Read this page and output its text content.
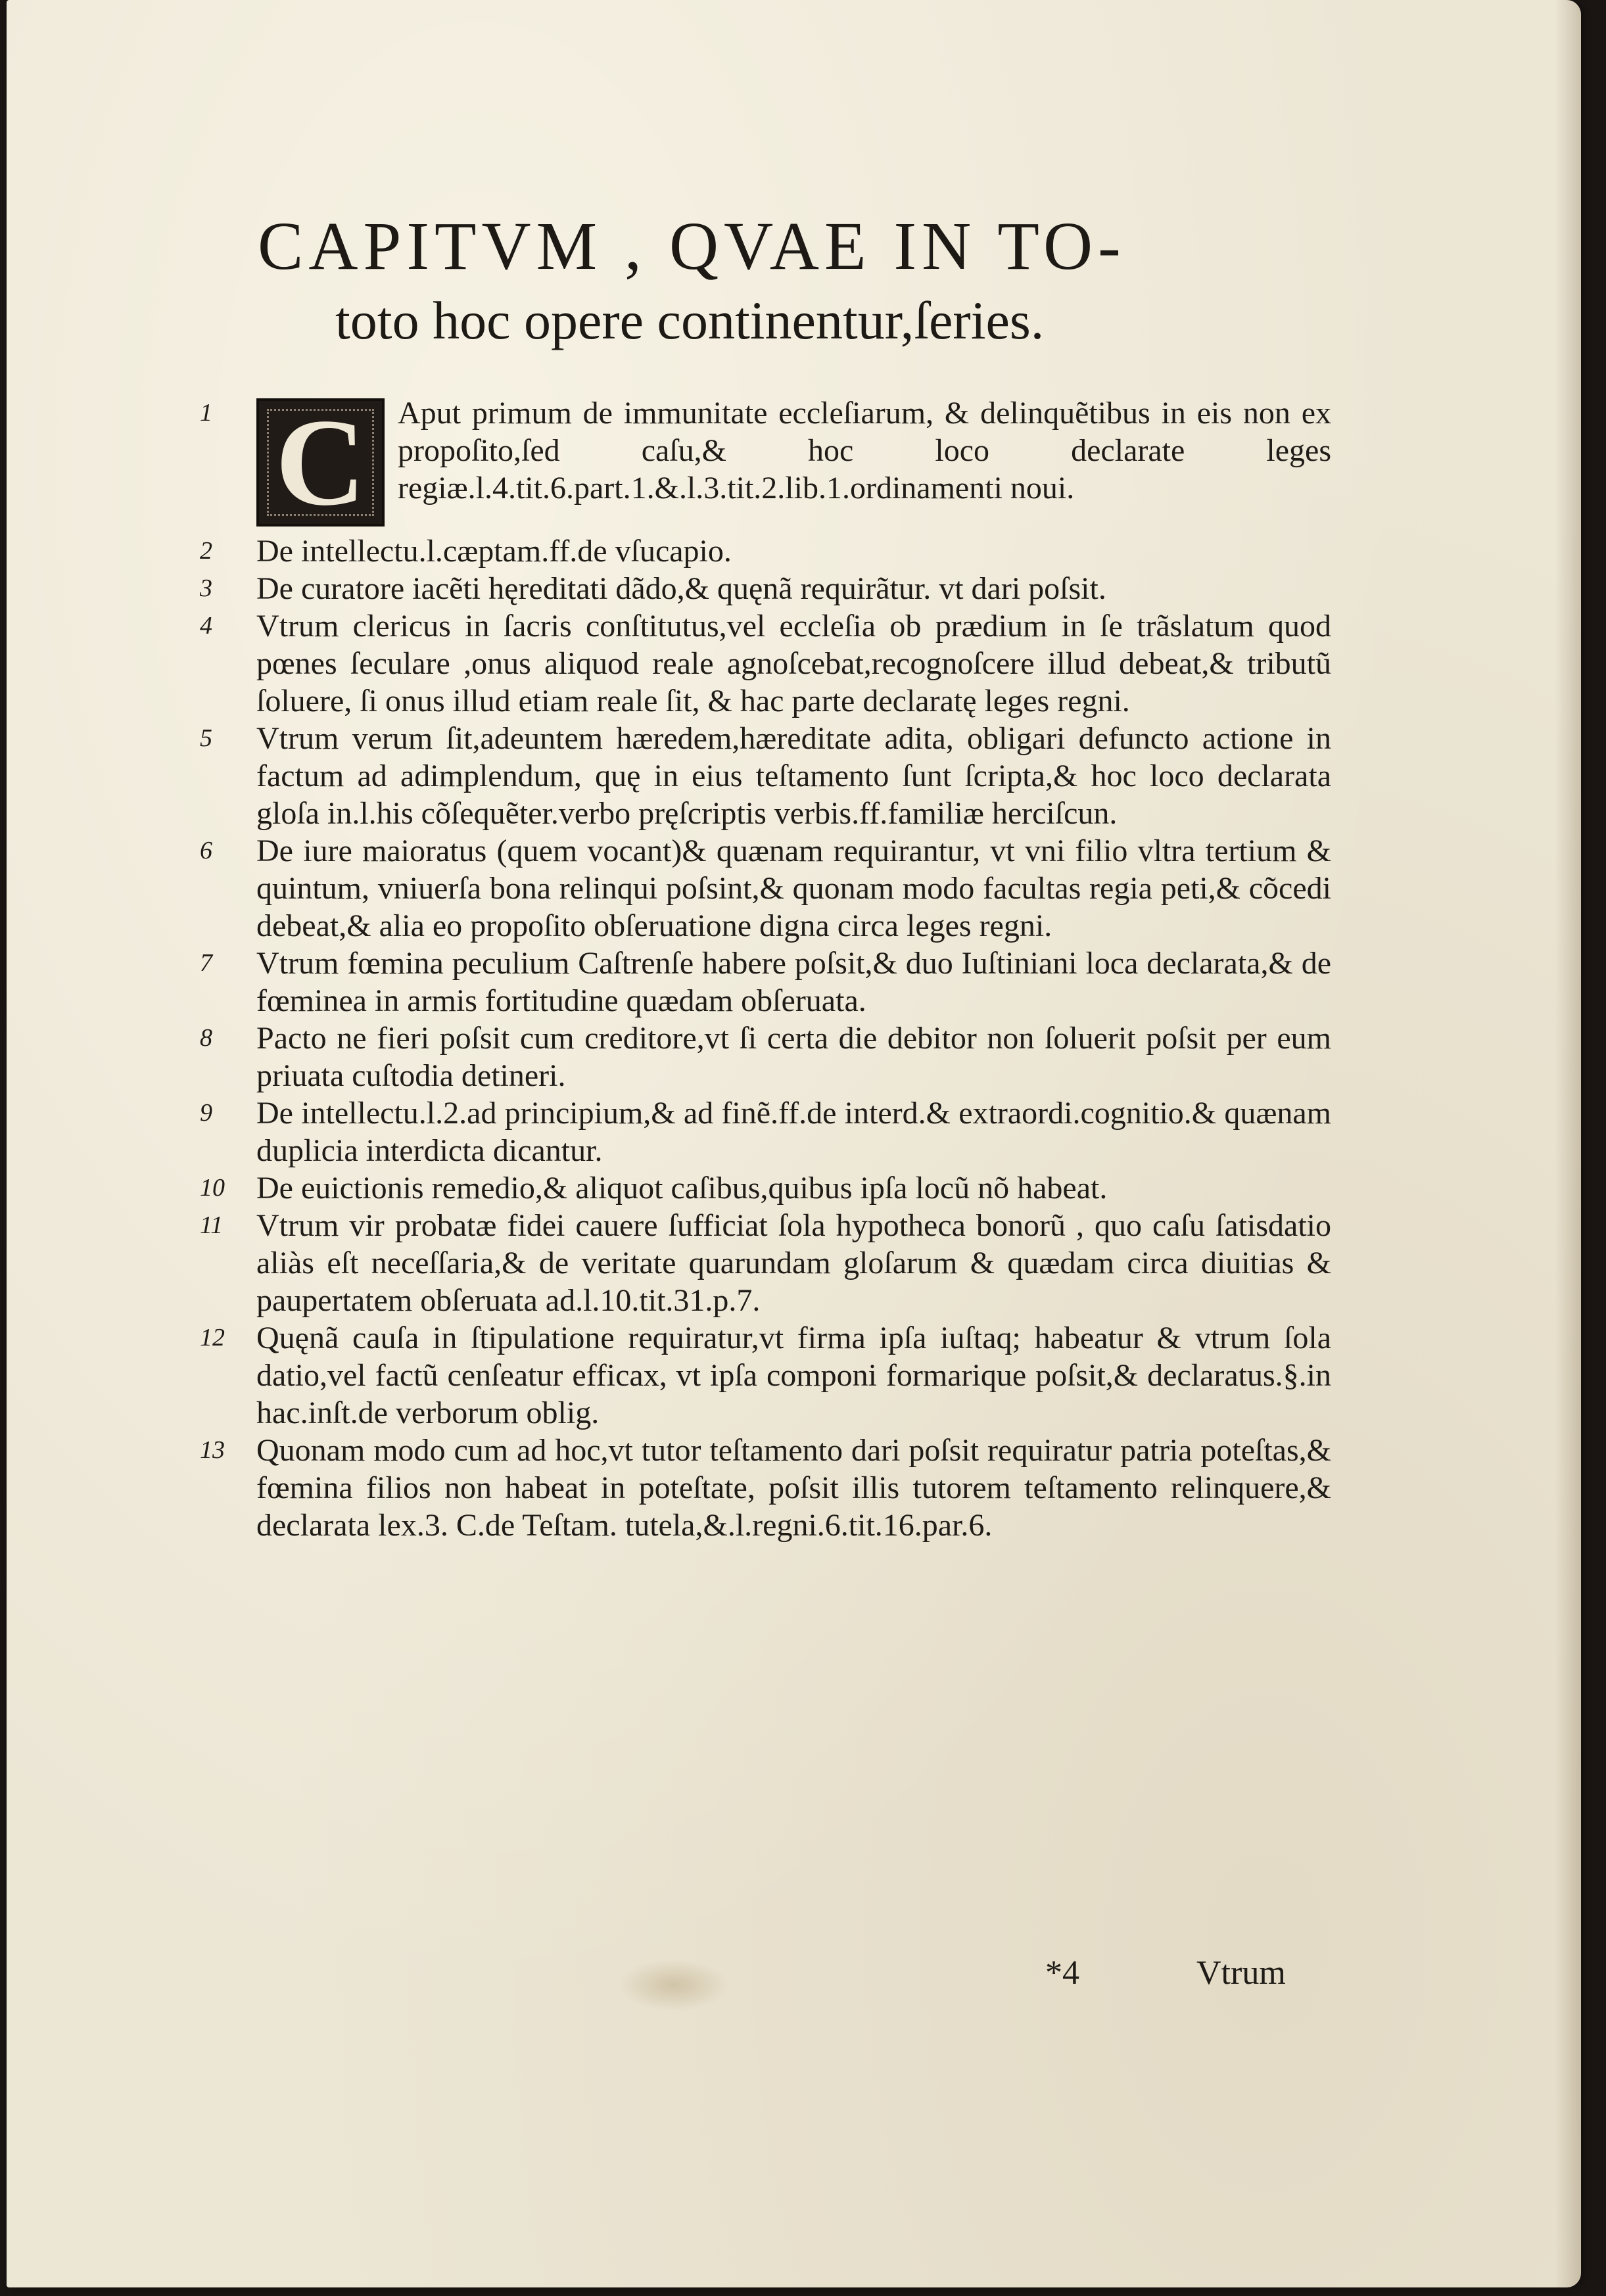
CAPITVM , QVAE IN TO-
toto hoc opere continentur,ſeries.
1 C	Aput primum de immunitate eccleſiarum, & delinquẽtibus in eis non ex propoſito,ſed caſu,& hoc loco declarate leges regiæ.l.4.tit.6.part.1.&.l.3.tit.2.lib.1.ordinamenti noui.
2 De intellectu.l.cæptam.ff.de vſucapio.
3 De curatore iacẽti hęreditati dãdo,& quęnã requirãtur. vt dari poſsit.
4 Vtrum clericus in ſacris conſtitutus,vel eccleſia ob prædium in ſe trãslatum quod pœnes ſeculare ,onus aliquod reale agnoſcebat,recognoſcere illud debeat,& tributũ ſoluere, ſi onus illud etiam reale ſit, & hac parte declaratę leges regni.
5 Vtrum verum ſit,adeuntem hæredem,hæreditate adita, obligari defuncto actione in factum ad adimplendum, quę in eius teſtamento ſunt ſcripta,& hoc loco declarata gloſa in.l.his cõſequẽter.verbo pręſcriptis verbis.ff.familiæ herciſcun.
6 De iure maioratus (quem vocant)& quænam requirantur, vt vni filio vltra tertium & quintum, vniuerſa bona relinqui poſsint,& quonam modo facultas regia peti,& cõcedi debeat,& alia eo propoſito obſeruatione digna circa leges regni.
7 Vtrum fœmina peculium Caſtrenſe habere poſsit,& duo Iuſtiniani loca declarata,& de fœminea in armis fortitudine quædam obſeruata.
8 Pacto ne fieri poſsit cum creditore,vt ſi certa die debitor non ſoluerit poſsit per eum priuata cuſtodia detineri.
9 De intellectu.l.2.ad principium,& ad finẽ.ff.de interd.& extraordi.cognitio.& quænam duplicia interdicta dicantur.
10 De euictionis remedio,& aliquot caſibus,quibus ipſa locũ nõ habeat.
11 Vtrum vir probatæ fidei cauere ſufficiat ſola hypotheca bonorũ , quo caſu ſatisdatio aliàs eſt neceſſaria,& de veritate quarundam gloſarum & quædam circa diuitias & paupertatem obſeruata ad.l.10.tit.31.p.7.
12 Quęnã cauſa in ſtipulatione requiratur,vt firma ipſa iuſtaq; habeatur & vtrum ſola datio,vel factũ cenſeatur efficax, vt ipſa componi formarique poſsit,& declaratus.§.in hac.inſt.de verborum oblig.
13 Quonam modo cum ad hoc,vt tutor teſtamento dari poſsit requiratur patria poteſtas,& fœmina filios non habeat in poteſtate, poſsit illis tutorem teſtamento relinquere,& declarata lex.3. C.de Teſtam. tutela,&.l.regni.6.tit.16.par.6.
*4	Vtrum
